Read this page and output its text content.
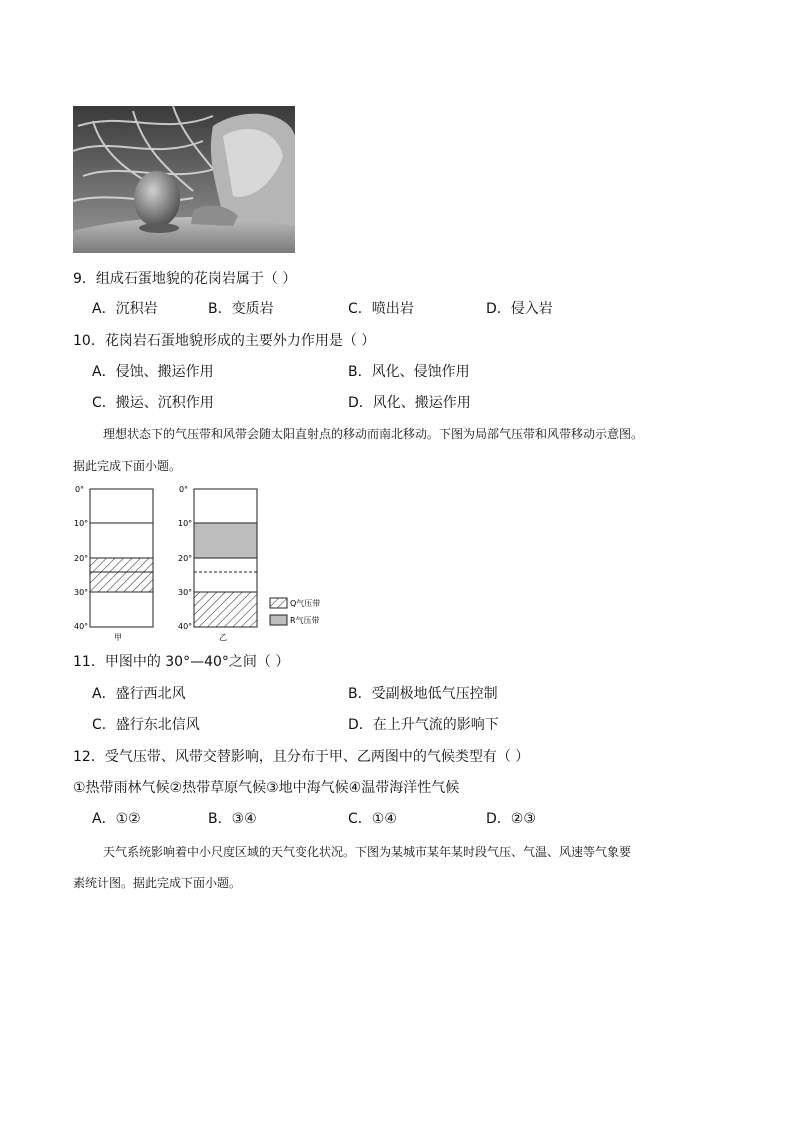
9．组成石蛋地貌的花岗岩属于（ ）
A．沉积岩	B．变质岩	C．喷出岩	D．侵入岩
10．花岗岩石蛋地貌形成的主要外力作用是（ ）
A．侵蚀、搬运作用	B．风化、侵蚀作用
C．搬运、沉积作用	D．风化、搬运作用
理想状态下的气压带和风带会随太阳直射点的移动而南北移动。下图为局部气压带和风带移动示意图。
据此完成下面小题。
0°
10°
20°
30°
40°
0°
10°
20°
30°
40°
甲	乙
Q气压带
R气压带
11．甲图中的 30°—40°之间（ ）
A．盛行西北风	B．受副极地低气压控制
C．盛行东北信风	D．在上升气流的影响下
12．受气压带、风带交替影响，且分布于甲、乙两图中的气候类型有（ ）
①热带雨林气候②热带草原气候③地中海气候④温带海洋性气候
A．①②	B．③④	C．①④	D．②③
天气系统影响着中小尺度区域的天气变化状况。下图为某城市某年某时段气压、气温、风速等气象要
素统计图。据此完成下面小题。
